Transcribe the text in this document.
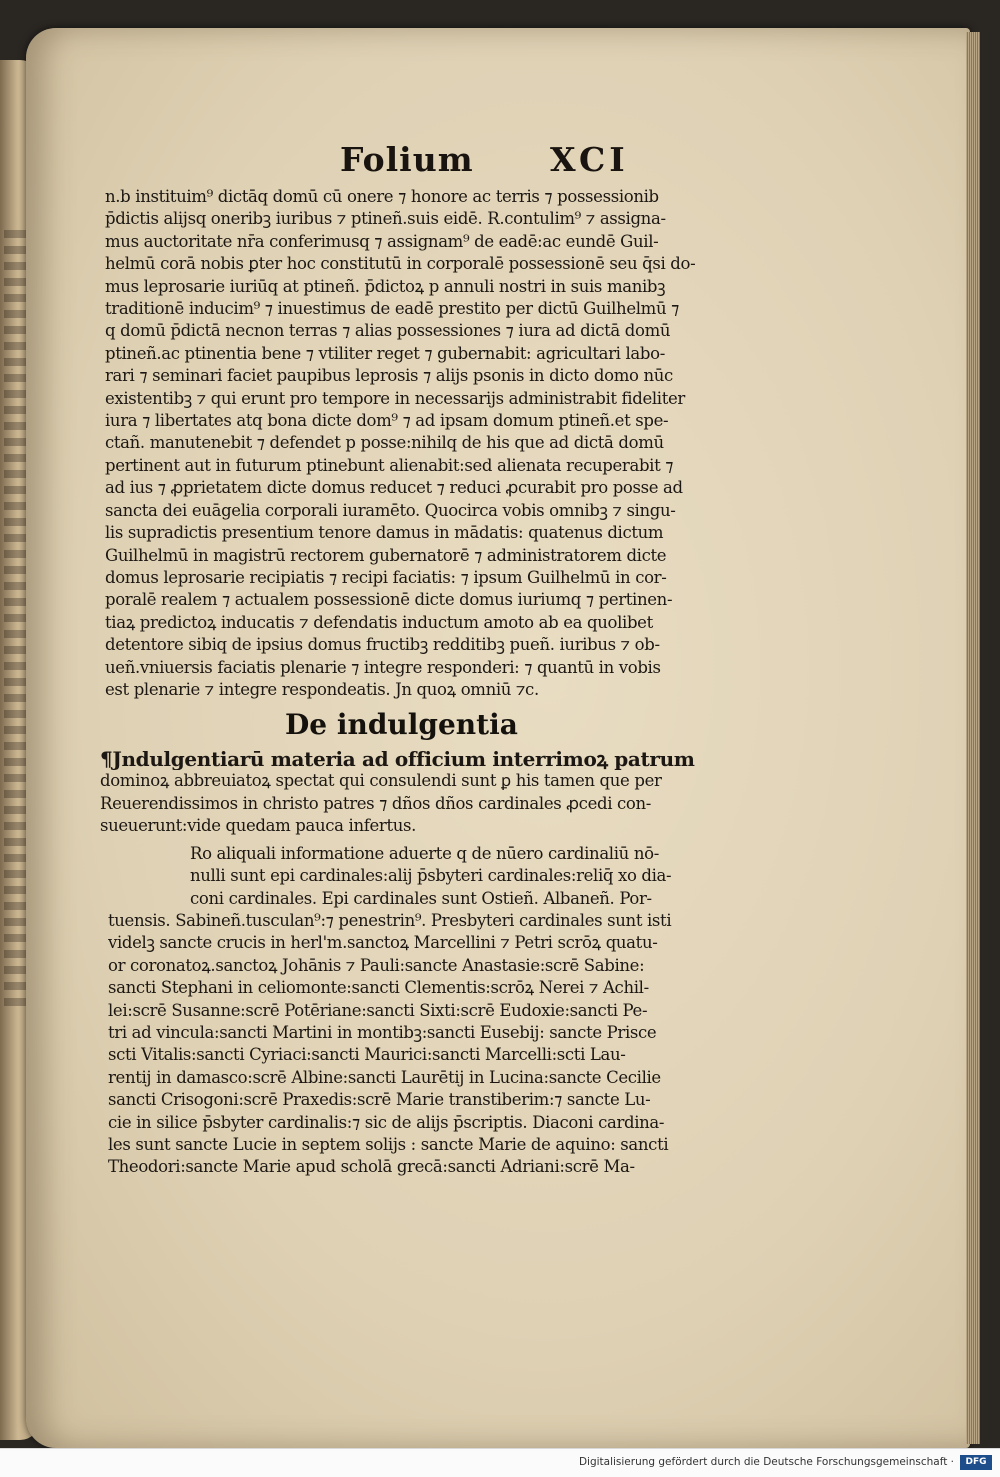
Folium XCI
n.b instituim⁹ dictāq domū cū onere ⁊ honore ac terris ⁊ possessionib
p̄dictis alijsq oneribꝫ iuribus ⁊ ptineñ.suis eidē. R.contulim⁹ ⁊ assigna-
mus auctoritate nr̄a conferimusq ⁊ assignam⁹ de eadē:ac eundē Guil-
helmū corā nobis ꝑter hoc constitutū in corporalē possessionē seu q̄si do-
mus leprosarie iuriūq at ptineñ. p̄dictoꝝ p annuli nostri in suis manibꝫ
traditionē inducim⁹ ⁊ inuestimus de eadē prestito per dictū Guilhelmū ⁊
q domū p̄dictā necnon terras ⁊ alias possessiones ⁊ iura ad dictā domū
ptineñ.ac ptinentia bene ⁊ vtiliter reget ⁊ gubernabit: agricultari labo-
rari ⁊ seminari faciet paupibus leprosis ⁊ alijs psonis in dicto domo nūc
existentibꝫ ⁊ qui erunt pro tempore in necessarijs administrabit fideliter
iura ⁊ libertates atq bona dicte dom⁹ ⁊ ad ipsam domum ptineñ.et spe-
ctañ. manutenebit ⁊ defendet p posse:nihilq de his que ad dictā domū
pertinent aut in futurum ptinebunt alienabit:sed alienata recuperabit ⁊
ad ius ⁊ ꝓprietatem dicte domus reducet ⁊ reduci ꝓcurabit pro posse ad
sancta dei euāgelia corporali iuramēto. Quocirca vobis omnibꝫ ⁊ singu-
lis supradictis presentium tenore damus in mādatis: quatenus dictum
Guilhelmū in magistrū rectorem gubernatorē ⁊ administratorem dicte
domus leprosarie recipiatis ⁊ recipi faciatis: ⁊ ipsum Guilhelmū in cor-
poralē realem ⁊ actualem possessionē dicte domus iuriumq ⁊ pertinen-
tiaꝝ predictoꝝ inducatis ⁊ defendatis inductum amoto ab ea quolibet
detentore sibiq de ipsius domus fructibꝫ redditibꝫ pueñ. iuribus ⁊ ob-
ueñ.vniuersis faciatis plenarie ⁊ integre responderi: ⁊ quantū in vobis
est plenarie ⁊ integre respondeatis. Jn quoꝝ omniū ⁊c.
De indulgentia
¶Jndulgentiarū materia ad officium interrimoꝝ patrum
dominoꝝ abbreuiatoꝝ spectat qui consulendi sunt ꝑ his tamen que per
Reuerendissimos in christo patres ⁊ dños dños cardinales ꝓcedi con-
sueuerunt:vide quedam pauca infertus.
Ro aliquali informatione aduerte q de nūero cardinaliū nō-
nulli sunt epi cardinales:alij p̄sbyteri cardinales:reliq̄ xo dia-
coni cardinales. Epi cardinales sunt Ostieñ. Albaneñ. Por-
tuensis. Sabineñ.tusculan⁹:⁊ penestrin⁹. Presbyteri cardinales sunt isti
videlꝫ sancte crucis in herl'm.sanctoꝝ Marcellini ⁊ Petri scrōꝝ quatu-
or coronatoꝝ.sanctoꝝ Johānis ⁊ Pauli:sancte Anastasie:scrē Sabine:
sancti Stephani in celiomonte:sancti Clementis:scrōꝝ Nerei ⁊ Achil-
lei:scrē Susanne:scrē Potēriane:sancti Sixti:scrē Eudoxie:sancti Pe-
tri ad vincula:sancti Martini in montibꝫ:sancti Eusebij: sancte Prisce
scti Vitalis:sancti Cyriaci:sancti Maurici:sancti Marcelli:scti Lau-
rentij in damasco:scrē Albine:sancti Laurētij in Lucina:sancte Cecilie
sancti Crisogoni:scrē Praxedis:scrē Marie transtiberim:⁊ sancte Lu-
cie in silice p̄sbyter cardinalis:⁊ sic de alijs p̄scriptis. Diaconi cardina-
les sunt sancte Lucie in septem solijs : sancte Marie de aquino: sancti
Theodori:sancte Marie apud scholā grecā:sancti Adriani:scrē Ma-
Digitalisierung gefördert durch die Deutsche Forschungsgemeinschaft ·	DFG
